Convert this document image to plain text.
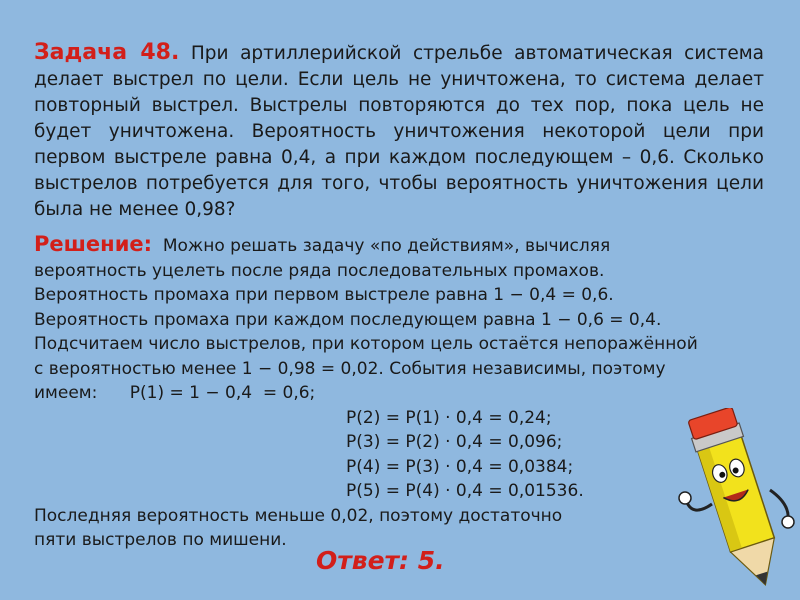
Задача 48. При артиллерийской стрельбе автоматическая система делает выстрел по цели. Если цель не уничтожена, то система делает повторный выстрел. Выстрелы повторяются до тех пор, пока цель не будет уничтожена. Вероятность уничтожения некоторой цели при первом выстреле равна 0,4, а при каждом последующем – 0,6. Сколько выстрелов потребуется для того, чтобы вероятность уничтожения цели была не менее 0,98?
Решение: Можно решать задачу «по действиям», вычисляя
вероятность уцелеть после ряда последовательных промахов.
Вероятность промаха при первом выстреле равна 1 − 0,4 = 0,6.
Вероятность промаха при каждом последующем равна 1 − 0,6 = 0,4.
Подсчитаем число выстрелов, при котором цель остаётся непоражённой
с вероятностью менее 1 − 0,98 = 0,02. События независимы, поэтому
имеем:      P(1) = 1 − 0,4  = 0,6;
P(2) = P(1) · 0,4 = 0,24;
P(3) = P(2) · 0,4 = 0,096;
P(4) = P(3) · 0,4 = 0,0384;
P(5) = P(4) · 0,4 = 0,01536.
Последняя вероятность меньше 0,02, поэтому достаточно
пяти выстрелов по мишени.
Ответ: 5.
